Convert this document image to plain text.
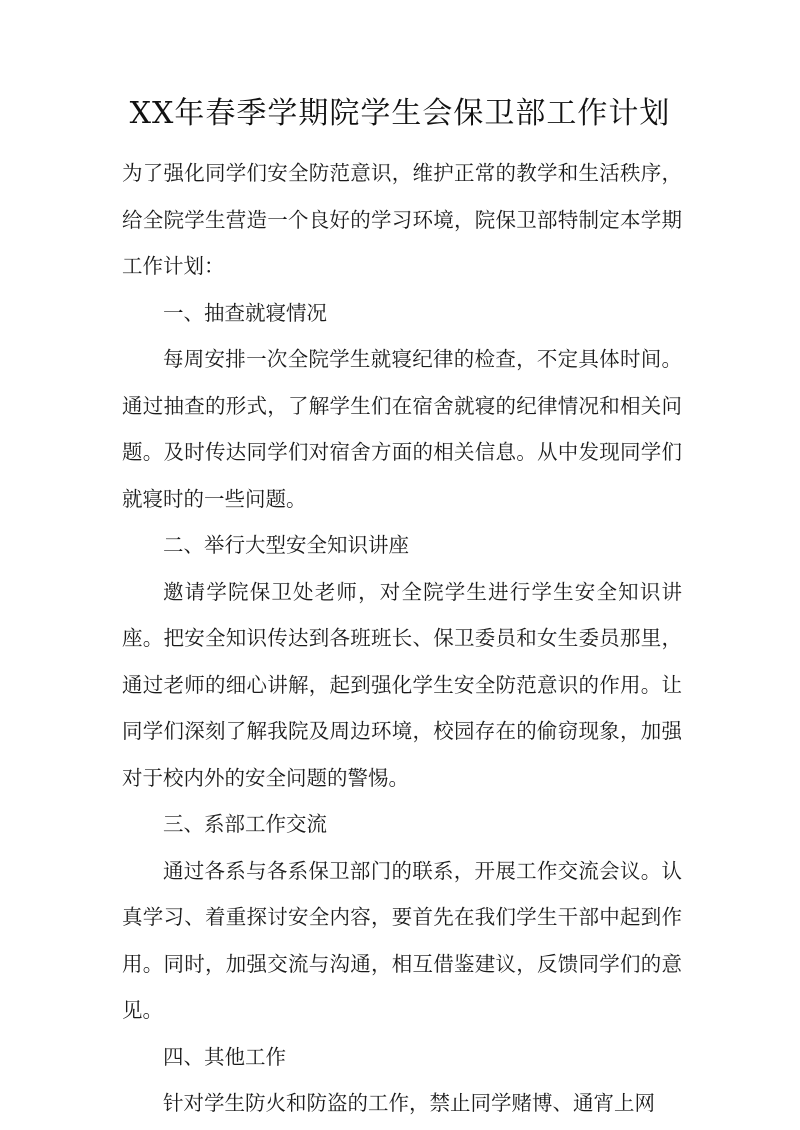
XX年春季学期院学生会保卫部工作计划

为了强化同学们安全防范意识，维护正常的教学和生活秩序，给全院学生营造一个良好的学习环境，院保卫部特制定本学期工作计划：

一、抽查就寝情况

每周安排一次全院学生就寝纪律的检查，不定具体时间。通过抽查的形式，了解学生们在宿舍就寝的纪律情况和相关问题。及时传达同学们对宿舍方面的相关信息。从中发现同学们就寝时的一些问题。

二、举行大型安全知识讲座

邀请学院保卫处老师，对全院学生进行学生安全知识讲座。把安全知识传达到各班班长、保卫委员和女生委员那里，通过老师的细心讲解，起到强化学生安全防范意识的作用。让同学们深刻了解我院及周边环境，校园存在的偷窃现象，加强对于校内外的安全问题的警惕。

三、系部工作交流

通过各系与各系保卫部门的联系，开展工作交流会议。认真学习、着重探讨安全内容，要首先在我们学生干部中起到作用。同时，加强交流与沟通，相互借鉴建议，反馈同学们的意见。

四、其他工作

针对学生防火和防盗的工作，禁止同学赌博、通宵上网
